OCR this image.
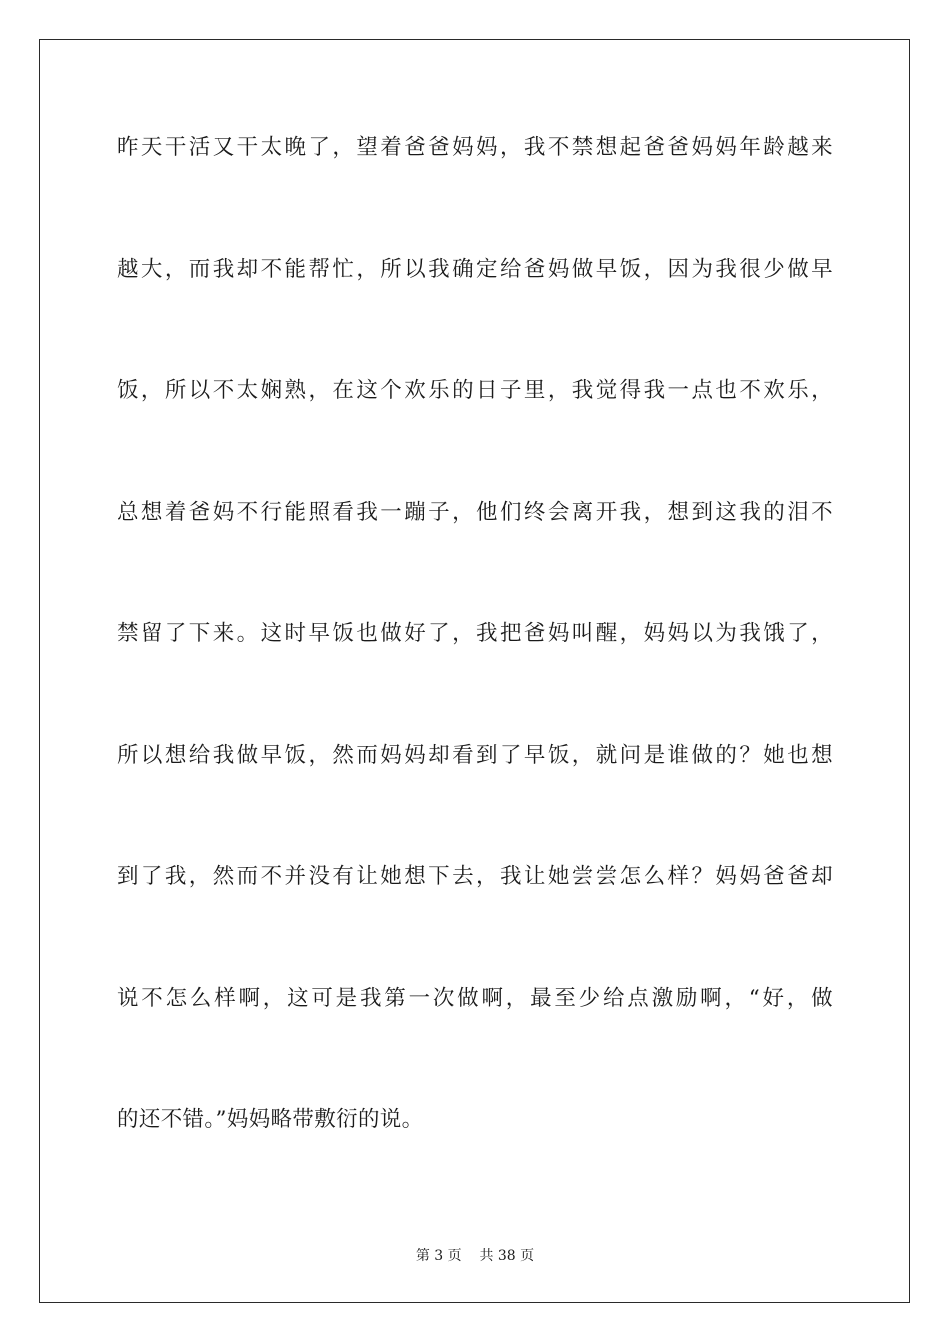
昨天干活又干太晚了，望着爸爸妈妈，我不禁想起爸爸妈妈年龄越来
越大，而我却不能帮忙，所以我确定给爸妈做早饭，因为我很少做早
饭，所以不太娴熟，在这个欢乐的日子里，我觉得我一点也不欢乐，
总想着爸妈不行能照看我一蹦子，他们终会离开我，想到这我的泪不
禁留了下来。这时早饭也做好了，我把爸妈叫醒，妈妈以为我饿了，
所以想给我做早饭，然而妈妈却看到了早饭，就问是谁做的？她也想
到了我，然而不并没有让她想下去，我让她尝尝怎么样？妈妈爸爸却
说不怎么样啊，这可是我第一次做啊，最至少给点激励啊，“好，做
的还不错。”妈妈略带敷衍的说。
第 3 页 共 38 页
